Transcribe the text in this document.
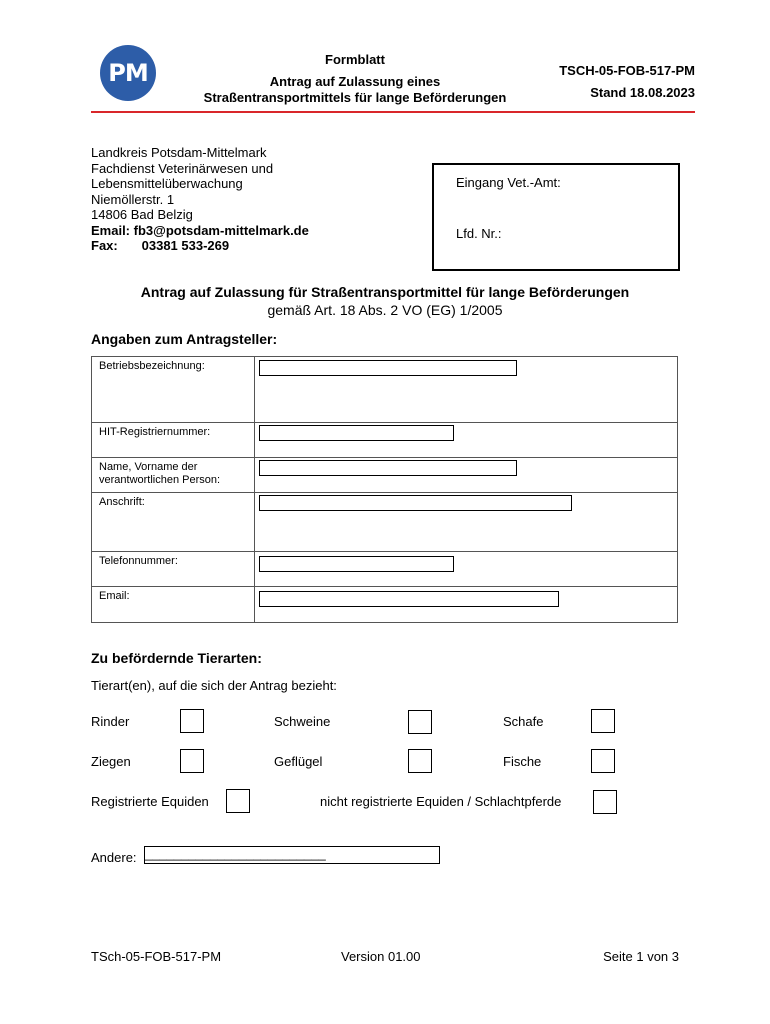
PM	Formblatt
Antrag auf Zulassung eines
Straßentransportmittels für lange Beförderungen
TSCH-05-FOB-517-PM
Stand 18.08.2023
Landkreis Potsdam-Mittelmark
Fachdienst Veterinärwesen und
Lebensmittelüberwachung
Niemöllerstr. 1
14806 Bad Belzig
Email: fb3@potsdam-mittelmark.de
Fax: 03381 533-269
Eingang Vet.-Amt:
Lfd. Nr.:
Antrag auf Zulassung für Straßentransportmittel für lange Beförderungen
gemäß Art. 18 Abs. 2 VO (EG) 1/2005
Angaben zum Antragsteller:
Betriebsbezeichnung:	
HIT-Registriernummer:	

Name, Vorname der
verantwortlichen Person:	

Anschrift:	
Telefonnummer:	
Email:	
Zu befördernde Tierarten:
Tierart(en), auf die sich der Antrag bezieht:
Rinder	Schweine	Schafe
Ziegen	Geflügel	Fische
Registrierte Equiden	nicht registrierte Equiden / Schlachtpferde
Andere: _________________________
TSch-05-FOB-517-PM	Version 01.00	Seite 1 von 3
